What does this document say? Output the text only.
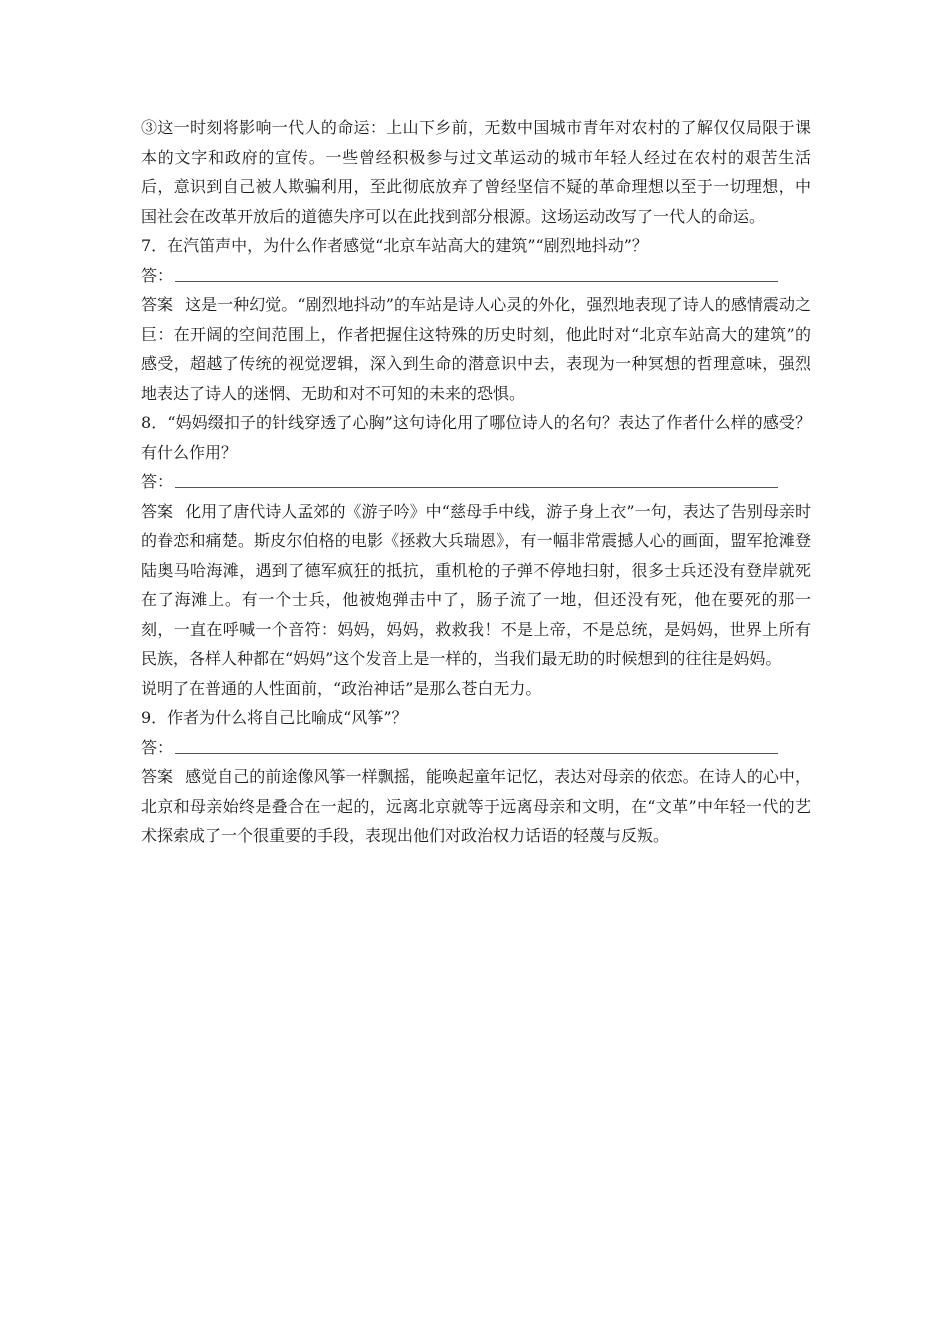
③这一时刻将影响一代人的命运：上山下乡前，无数中国城市青年对农村的了解仅仅局限于课本的文字和政府的宣传。一些曾经积极参与过文革运动的城市年轻人经过在农村的艰苦生活后，意识到自己被人欺骗利用，至此彻底放弃了曾经坚信不疑的革命理想以至于一切理想，中国社会在改革开放后的道德失序可以在此找到部分根源。这场运动改写了一代人的命运。

7．在汽笛声中，为什么作者感觉“北京车站高大的建筑”“剧烈地抖动”？

答：

答案 这是一种幻觉。“剧烈地抖动”的车站是诗人心灵的外化，强烈地表现了诗人的感情震动之巨：在开阔的空间范围上，作者把握住这特殊的历史时刻，他此时对“北京车站高大的建筑”的感受，超越了传统的视觉逻辑，深入到生命的潜意识中去，表现为一种冥想的哲理意味，强烈地表达了诗人的迷惘、无助和对不可知的未来的恐惧。

8．“妈妈缀扣子的针线穿透了心胸”这句诗化用了哪位诗人的名句？表达了作者什么样的感受？有什么作用？

答：

答案 化用了唐代诗人孟郊的《游子吟》中“慈母手中线，游子身上衣”一句，表达了告别母亲时的眷恋和痛楚。斯皮尔伯格的电影《拯救大兵瑞恩》，有一幅非常震撼人心的画面，盟军抢滩登陆奥马哈海滩，遇到了德军疯狂的抵抗，重机枪的子弹不停地扫射，很多士兵还没有登岸就死在了海滩上。有一个士兵，他被炮弹击中了，肠子流了一地，但还没有死，他在要死的那一刻，一直在呼喊一个音符：妈妈，妈妈，救救我！不是上帝，不是总统，是妈妈，世界上所有民族，各样人种都在“妈妈”这个发音上是一样的，当我们最无助的时候想到的往往是妈妈。

说明了在普通的人性面前，“政治神话”是那么苍白无力。

9．作者为什么将自己比喻成“风筝”？

答：

答案 感觉自己的前途像风筝一样飘摇，能唤起童年记忆，表达对母亲的依恋。在诗人的心中，北京和母亲始终是叠合在一起的，远离北京就等于远离母亲和文明，在“文革”中年轻一代的艺术探索成了一个很重要的手段，表现出他们对政治权力话语的轻蔑与反叛。
